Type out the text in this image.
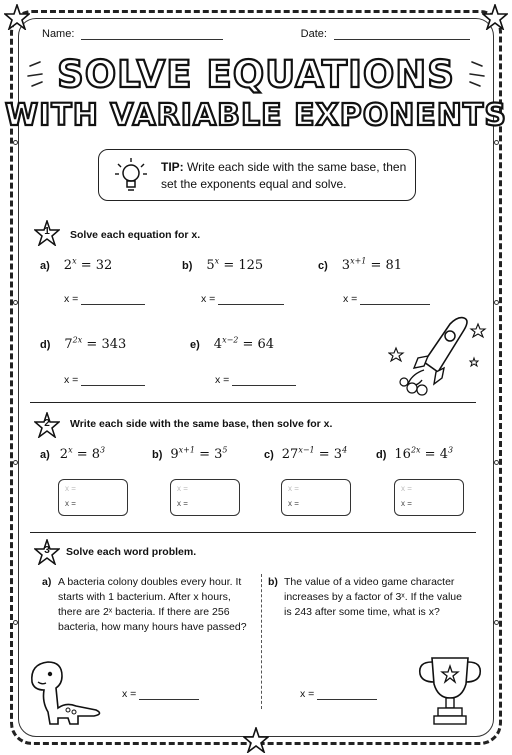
Name:	Date:
SOLVE EQUATIONS
WITH VARIABLE EXPONENTS
TIP: Write each side with the same base, then set the exponents equal and solve.
1	Solve each equation for x.
a) $2^x = 32$	b) $5^x = 125$	c) $3^{x+1} = 81$
x =	x =	x =
d) $7^{2x} = 343$	e) $4^{x-2} = 64$
x =	x =
2	Write each side with the same base, then solve for x.
a) $2^x = 8^3$	b) $9^{x+1} = 3^5$	c) $27^{x-1} = 3^4$	d) $16^{2x} = 4^3$
x =
x =
x =
x =
x =
x =
x =
x =
3	Solve each word problem.
a) A bacteria colony doubles every hour. It starts with 1 bacterium. After x hours, there are 2ˣ bacteria. If there are 256 bacteria, how many hours have passed?
b) The value of a video game character increases by a factor of 3ˣ. If the value is 243 after some time, what is x?
x =	x =
